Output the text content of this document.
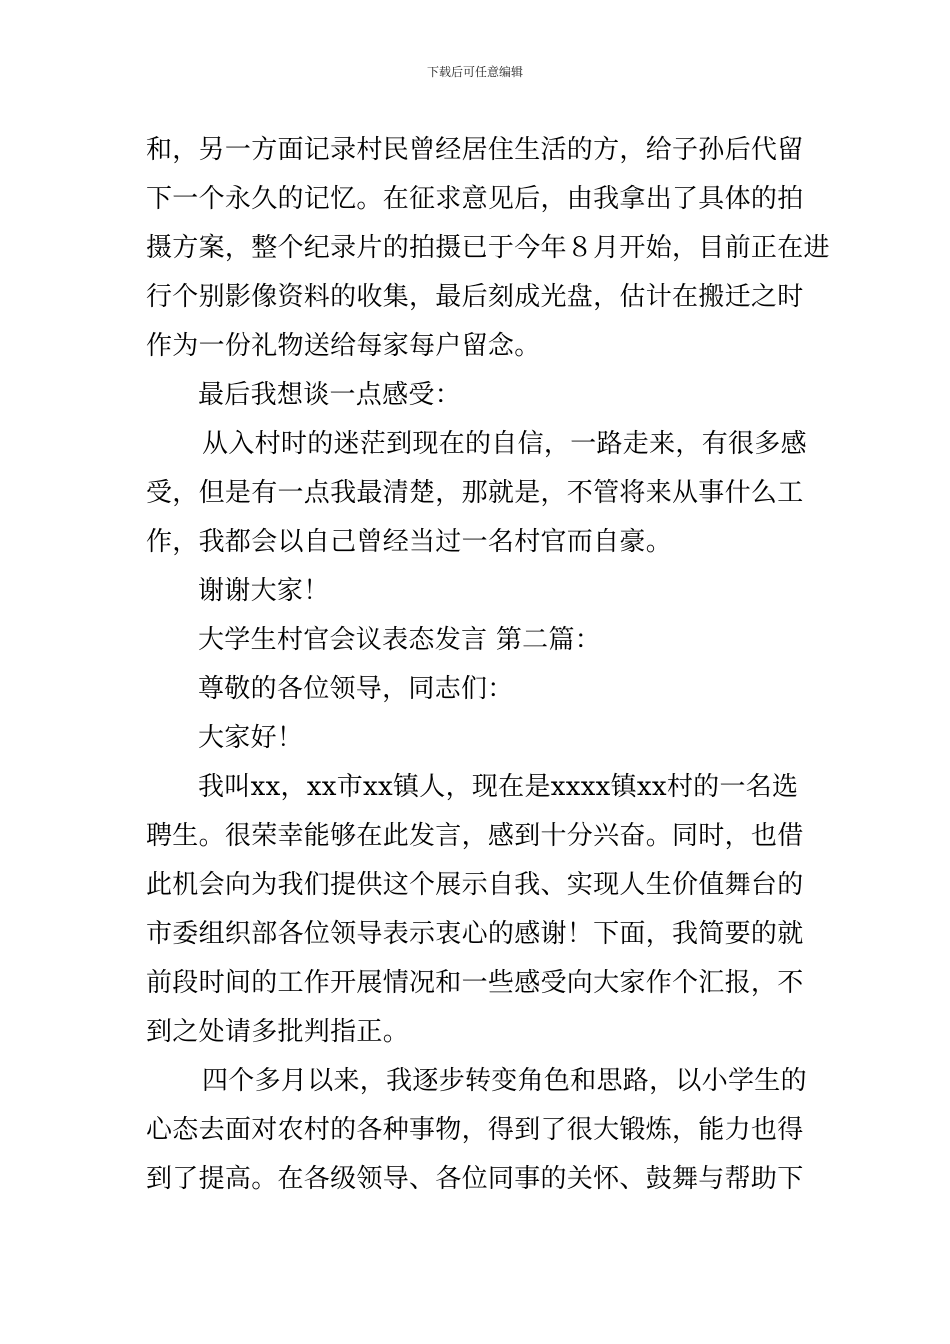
下载后可任意编辑
和，另一方面记录村民曾经居住生活的方，给子孙后代留
下一个永久的记忆。在征求意见后，由我拿出了具体的拍
摄方案，整个纪录片的拍摄已于今年８月开始，目前正在进
行个别影像资料的收集，最后刻成光盘，估计在搬迁之时
作为一份礼物送给每家每户留念。
最后我想谈一点感受：
从入村时的迷茫到现在的自信，一路走来，有很多感
受，但是有一点我最清楚，那就是，不管将来从事什么工
作，我都会以自己曾经当过一名村官而自豪。
谢谢大家！
大学生村官会议表态发言 第二篇：
尊敬的各位领导，同志们：
大家好！
我叫xx，xx市xx镇人，现在是xxxx镇xx村的一名选
聘生。很荣幸能够在此发言，感到十分兴奋。同时，也借
此机会向为我们提供这个展示自我、实现人生价值舞台的
市委组织部各位领导表示衷心的感谢！下面，我简要的就
前段时间的工作开展情况和一些感受向大家作个汇报，不
到之处请多批判指正。
四个多月以来，我逐步转变角色和思路，以小学生的
心态去面对农村的各种事物，得到了很大锻炼，能力也得
到了提高。在各级领导、各位同事的关怀、鼓舞与帮助下
